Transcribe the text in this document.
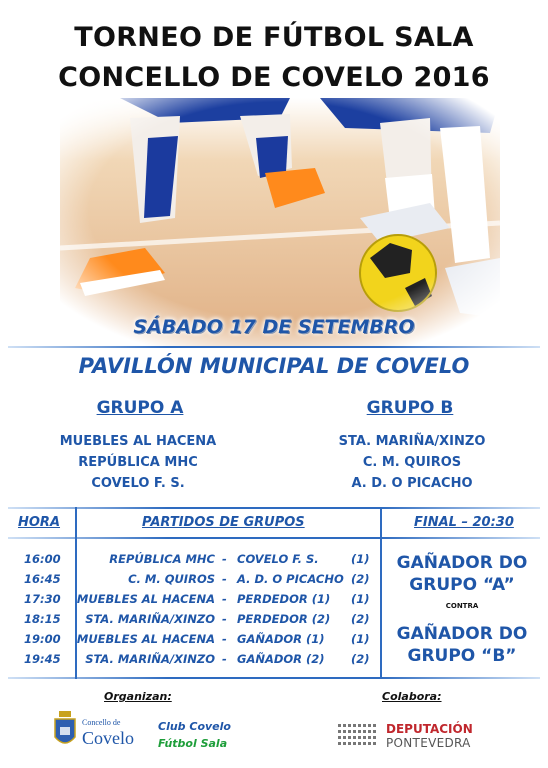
TORNEO DE FÚTBOL SALA
CONCELLO DE COVELO 2016
SÁBADO 17 DE SETEMBRO
PAVILLÓN MUNICIPAL DE COVELO
GRUPO A	GRUPO B
MUEBLES AL HACENA
REPÚBLICA MHC
COVELO F. S.
STA. MARIÑA/XINZO
C. M. QUIROS
A. D. O PICACHO
HORA	PARTIDOS DE GRUPOS	FINAL – 20:30
16:00	REPÚBLICA MHC - COVELO F. S.	(1)
16:45	C. M. QUIROS - A. D. O PICACHO (2)
17:30 MUEBLES AL HACENA - PERDEDOR (1) (1)
18:15 STA. MARIÑA/XINZO - PERDEDOR (2) (2)
19:00 MUEBLES AL HACENA - GAÑADOR (1) (1)
19:45 STA. MARIÑA/XINZO - GAÑADOR (2) (2)
GAÑADOR DO
GRUPO “A”
CONTRA
GAÑADOR DO
GRUPO “B”
Organizan:	Colabora:
Concello de
Covelo
Club Covelo
Fútbol Sala
DEPUTACIÓN
PONTEVEDRA
